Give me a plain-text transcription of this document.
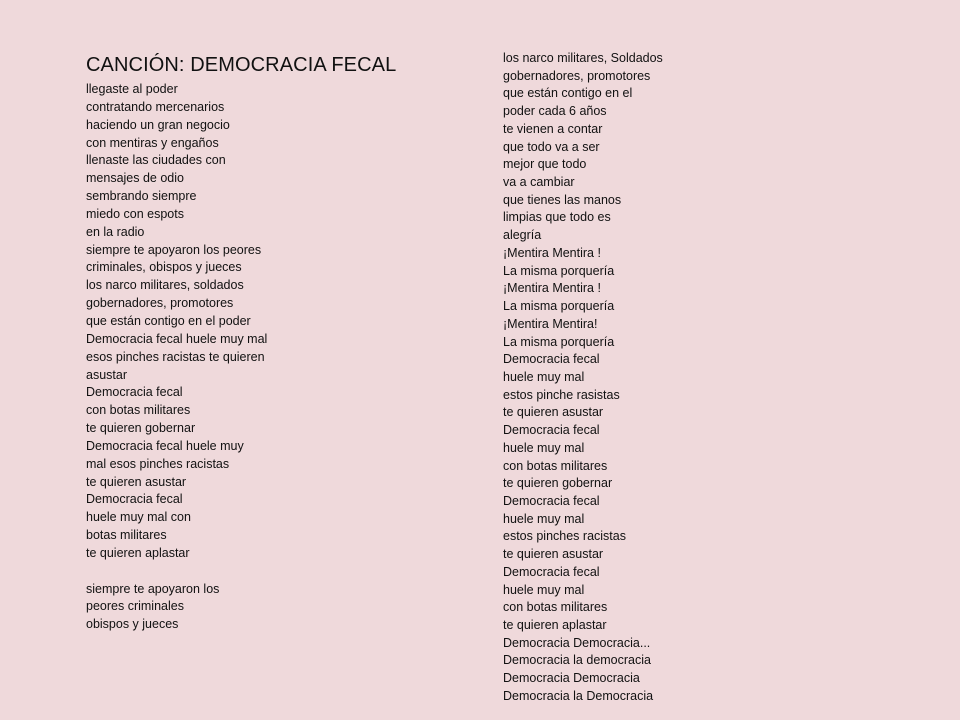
CANCIÓN: DEMOCRACIA FECAL
llegaste al poder
contratando mercenarios
haciendo un gran negocio
con mentiras y engaños
llenaste las ciudades con
mensajes de odio
sembrando siempre
miedo con espots
en la radio
siempre te apoyaron los peores
criminales, obispos y jueces
los narco militares, soldados
gobernadores, promotores
que están contigo en el poder
Democracia fecal huele muy mal
esos pinches racistas te quieren
asustar
Democracia fecal
con botas militares
te quieren gobernar
Democracia fecal huele muy
mal esos pinches racistas
te quieren asustar
Democracia fecal
huele muy mal con
botas militares
te quieren aplastar

siempre te apoyaron los
peores criminales
obispos y jueces
los narco militares, Soldados
gobernadores, promotores
que están contigo en el
poder cada 6 años
te vienen a contar
que todo va a ser
mejor que todo
va a cambiar
que tienes las manos
limpias que todo es
alegría
¡Mentira Mentira !
La misma porquería
¡Mentira Mentira !
La misma porquería
¡Mentira Mentira!
La misma porquería
Democracia fecal
huele muy mal
estos pinche rasistas
te quieren asustar
Democracia fecal
huele muy mal
con botas militares
te quieren gobernar
Democracia fecal
huele muy mal
estos pinches racistas
te quieren asustar
Democracia fecal
huele muy mal
con botas militares
te quieren aplastar
Democracia Democracia...
Democracia la democracia
Democracia Democracia
Democracia la Democracia
